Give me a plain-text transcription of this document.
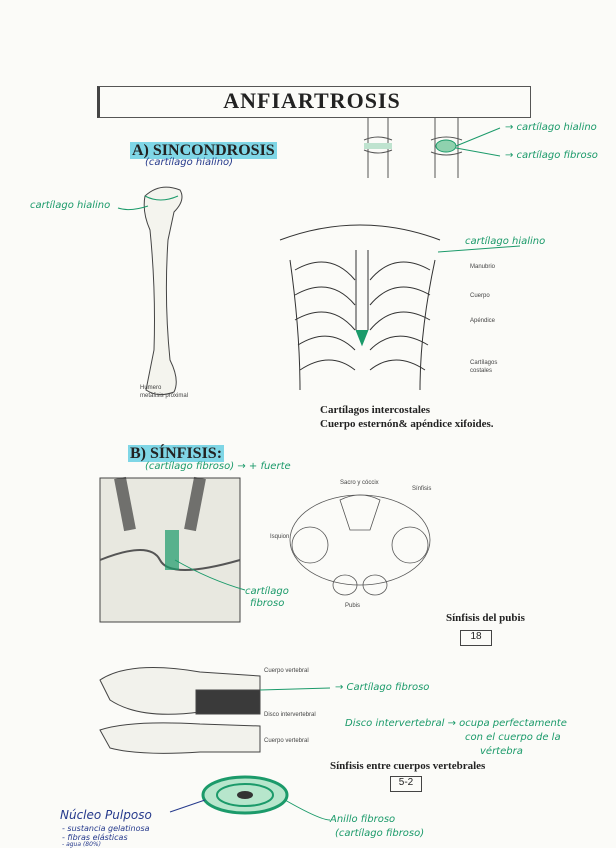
ANFIARTROSIS
A) SINCONDROSIS
(cartílago hialino)
→ cartílago hialino
→ cartílago fibroso
cartílago hialino
Humero
metafisis proximal
cartílago hialino
Manubrio
Cuerpo
Apéndice
Cartílagos
costales
Cartílagos intercostales
Cuerpo esternón& apéndice xifoides.
B) SÍNFISIS:
(cartílago fibroso) → + fuerte
cartílago
fibroso
Sacro y cóccix
Sínfisis
Isquion
Pubis
Sínfisis del pubis
18
Cuerpo vertebral
Disco intervertebral
Cuerpo vertebral
→ Cartílago fibroso
Disco intervertebral → ocupa perfectamente
con el cuerpo de la
vértebra
Sínfisis entre cuerpos vertebrales
5-2
Núcleo Pulposo
- sustancia gelatinosa
- fibras elásticas
- agua (80%)
Anillo fibroso
(cartílago fibroso)
